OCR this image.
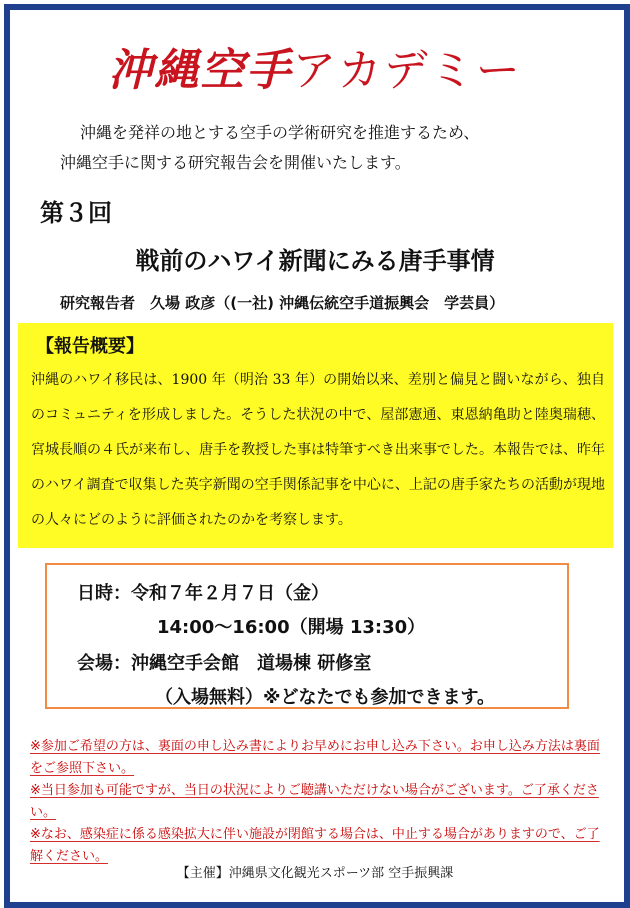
沖縄空手アカデミー
沖縄を発祥の地とする空手の学術研究を推進するため、
沖縄空手に関する研究報告会を開催いたします。
第３回
戦前のハワイ新聞にみる唐手事情
研究報告者　久場 政彦（(一社) 沖縄伝統空手道振興会　学芸員）
【報告概要】
沖縄のハワイ移民は、1900 年（明治 33 年）の開始以来、差別と偏見と闘いながら、独自のコミュニティを形成しました。そうした状況の中で、屋部憲通、東恩納亀助と陸奥瑞穂、宮城長順の４氏が来布し、唐手を教授した事は特筆すべき出来事でした。本報告では、昨年のハワイ調査で収集した英字新聞の空手関係記事を中心に、上記の唐手家たちの活動が現地の人々にどのように評価されたのかを考察します。
日時：令和７年２月７日（金）
14:00～16:00（開場 13:30）
会場：沖縄空手会館　道場棟 研修室
（入場無料）※どなたでも参加できます。
※参加ご希望の方は、裏面の申し込み書によりお早めにお申し込み下さい。お申し込み方法は裏面をご参照下さい。
※当日参加も可能ですが、当日の状況によりご聴講いただけない場合がございます。ご了承ください。
※なお、感染症に係る感染拡大に伴い施設が閉館する場合は、中止する場合がありますので、ご了解ください。
【主催】沖縄県文化観光スポーツ部 空手振興課
